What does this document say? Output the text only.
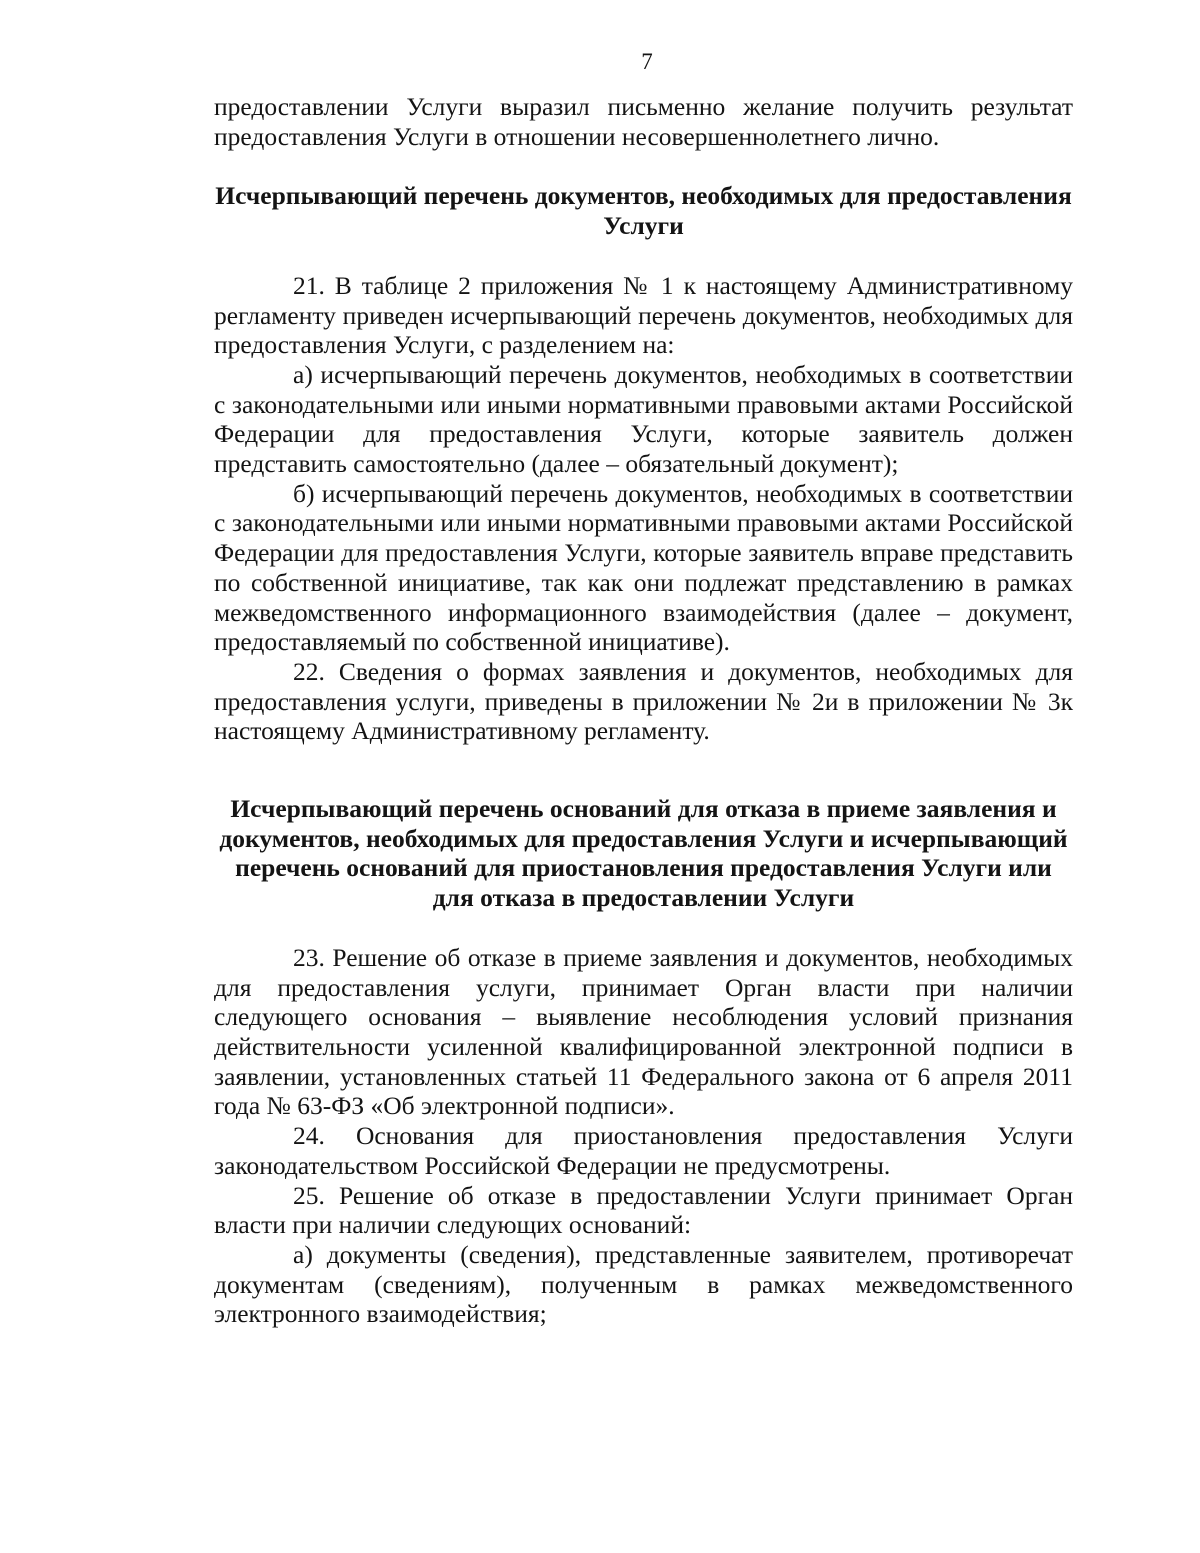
7

предоставлении Услуги выразил письменно желание получить результат предоставления Услуги в отношении несовершеннолетнего лично.

Исчерпывающий перечень документов, необходимых для предоставления Услуги

21. В таблице 2 приложения № 1 к настоящему Административному регламенту приведен исчерпывающий перечень документов, необходимых для предоставления Услуги, с разделением на:

а) исчерпывающий перечень документов, необходимых в соответствии с законодательными или иными нормативными правовыми актами Российской Федерации для предоставления Услуги, которые заявитель должен представить самостоятельно (далее – обязательный документ);

б) исчерпывающий перечень документов, необходимых в соответствии с законодательными или иными нормативными правовыми актами Российской Федерации для предоставления Услуги, которые заявитель вправе представить по собственной инициативе, так как они подлежат представлению в рамках межведомственного информационного взаимодействия (далее – документ, предоставляемый по собственной инициативе).

22. Сведения о формах заявления и документов, необходимых для предоставления услуги, приведены в приложении № 2и в приложении № 3к настоящему Административному регламенту.

Исчерпывающий перечень оснований для отказа в приеме заявления и документов, необходимых для предоставления Услуги и исчерпывающий перечень оснований для приостановления предоставления Услуги или для отказа в предоставлении Услуги

23. Решение об отказе в приеме заявления и документов, необходимых для предоставления услуги, принимает Орган власти при наличии следующего основания – выявление несоблюдения условий признания действительности усиленной квалифицированной электронной подписи в заявлении, установленных статьей 11 Федерального закона от 6 апреля 2011 года № 63-ФЗ «Об электронной подписи».

24. Основания для приостановления предоставления Услуги законодательством Российской Федерации не предусмотрены.

25. Решение об отказе в предоставлении Услуги принимает Орган власти при наличии следующих оснований:

а) документы (сведения), представленные заявителем, противоречат документам (сведениям), полученным в рамках межведомственного электронного взаимодействия;
